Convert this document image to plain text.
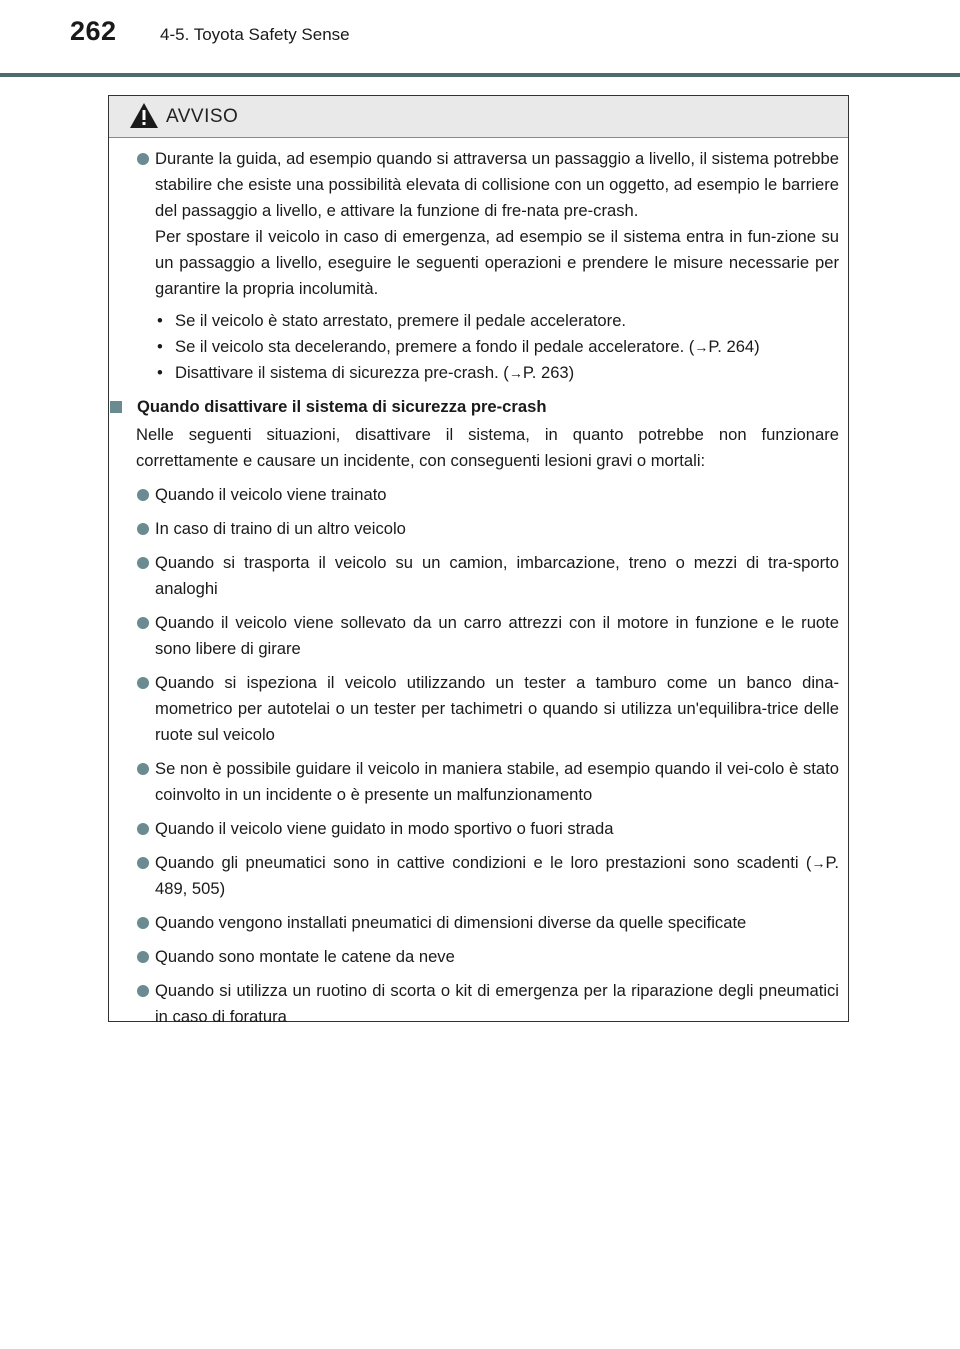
262	4-5. Toyota Safety Sense
AVVISO

Durante la guida, ad esempio quando si attraversa un passaggio a livello, il sistema potrebbe stabilire che esiste una possibilità elevata di collisione con un oggetto, ad esempio le barriere del passaggio a livello, e attivare la funzione di fre-nata pre-crash.

Per spostare il veicolo in caso di emergenza, ad esempio se il sistema entra in fun-zione su un passaggio a livello, eseguire le seguenti operazioni e prendere le misure necessarie per garantire la propria incolumità.

• Se il veicolo è stato arrestato, premere il pedale acceleratore.
• Se il veicolo sta decelerando, premere a fondo il pedale acceleratore. (→P. 264)
• Disattivare il sistema di sicurezza pre-crash. (→P. 263)
Quando disattivare il sistema di sicurezza pre-crash

Nelle seguenti situazioni, disattivare il sistema, in quanto potrebbe non funzionare correttamente e causare un incidente, con conseguenti lesioni gravi o mortali:

Quando il veicolo viene trainato
In caso di traino di un altro veicolo
Quando si trasporta il veicolo su un camion, imbarcazione, treno o mezzi di tra-sporto analoghi
Quando il veicolo viene sollevato da un carro attrezzi con il motore in funzione e le ruote sono libere di girare
Quando si ispeziona il veicolo utilizzando un tester a tamburo come un banco dina-mometrico per autotelai o un tester per tachimetri o quando si utilizza un'equilibra-trice delle ruote sul veicolo
Se non è possibile guidare il veicolo in maniera stabile, ad esempio quando il vei-colo è stato coinvolto in un incidente o è presente un malfunzionamento
Quando il veicolo viene guidato in modo sportivo o fuori strada
Quando gli pneumatici sono in cattive condizioni e le loro prestazioni sono scadenti (→P. 489, 505)
Quando vengono installati pneumatici di dimensioni diverse da quelle specificate
Quando sono montate le catene da neve
Quando si utilizza un ruotino di scorta o kit di emergenza per la riparazione degli pneumatici in caso di foratura
